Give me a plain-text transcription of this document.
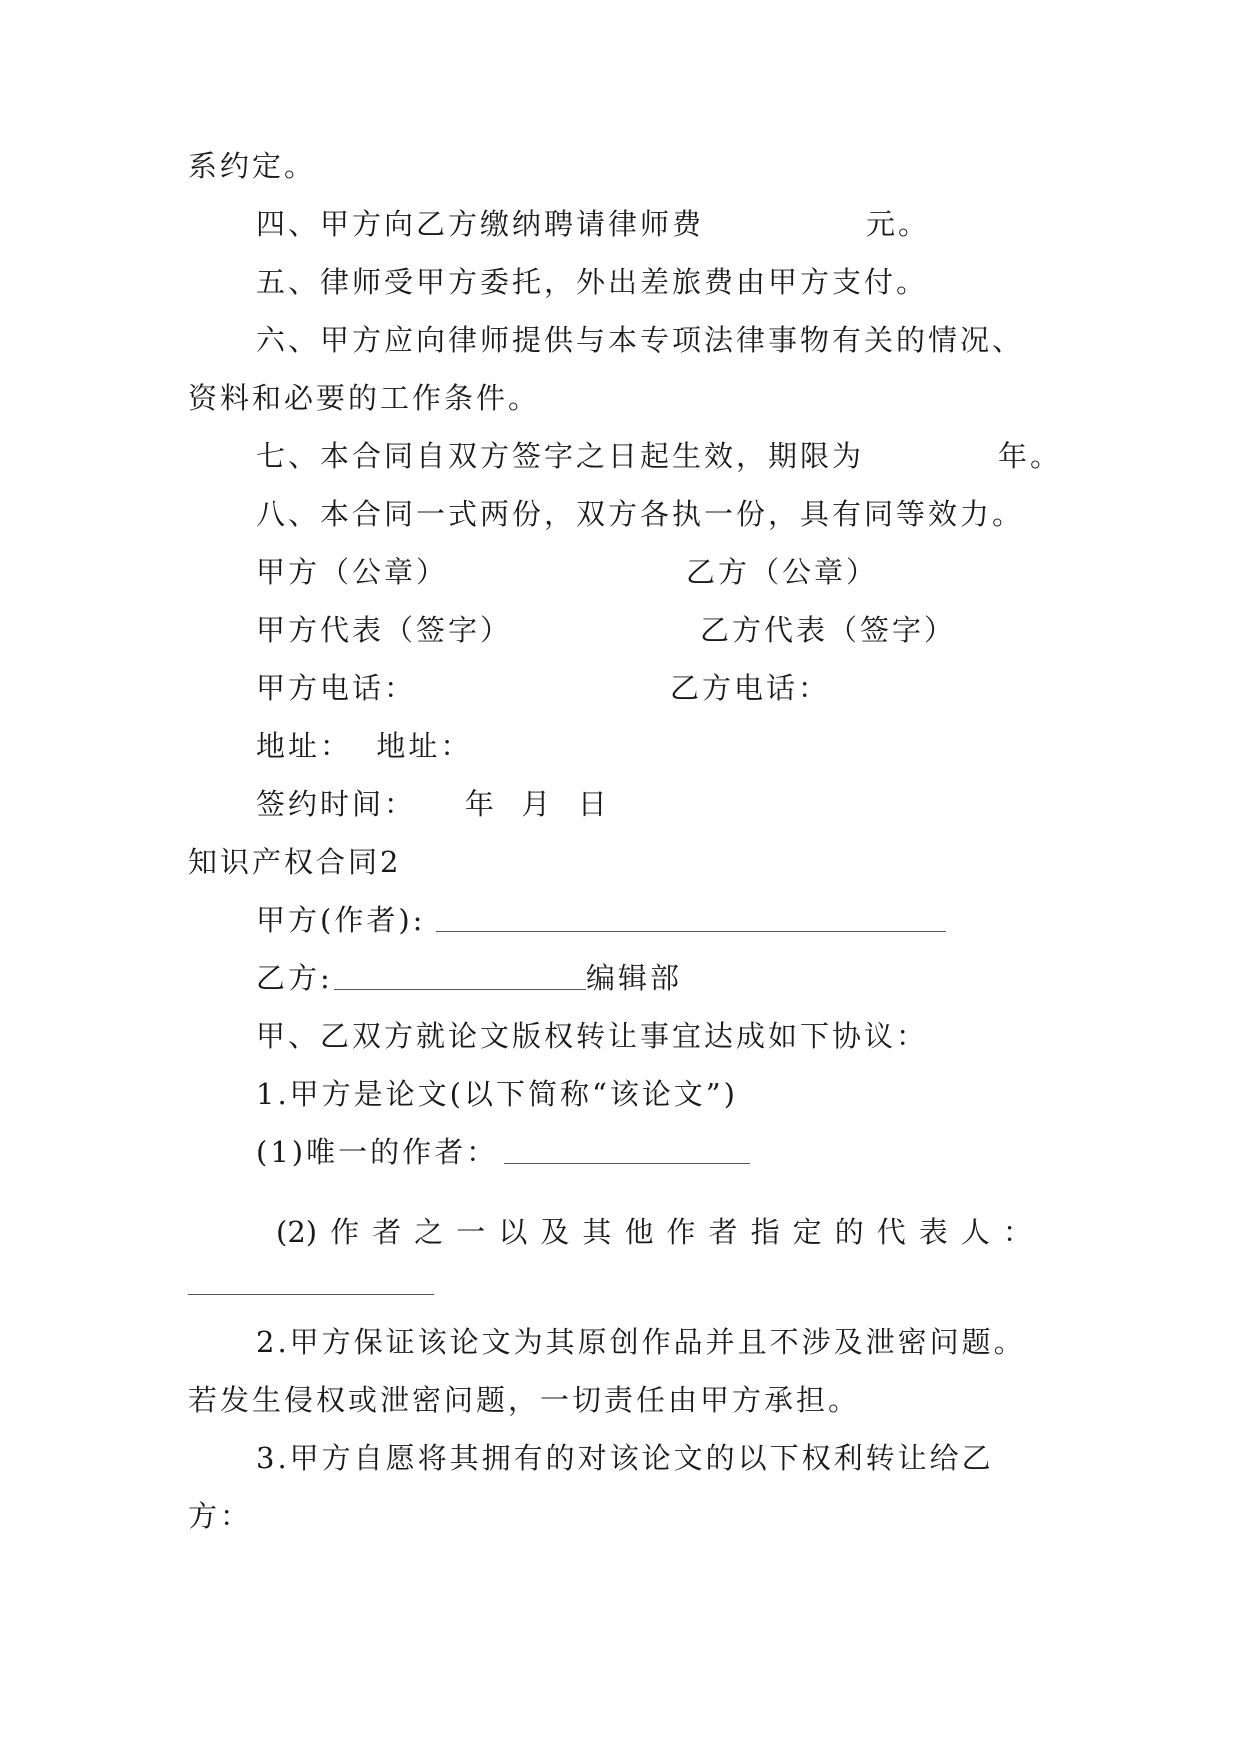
系约定。
四、甲方向乙方缴纳聘请律师费	元。
五、律师受甲方委托，外出差旅费由甲方支付。
六、甲方应向律师提供与本专项法律事物有关的情况、
资料和必要的工作条件。
七、本合同自双方签字之日起生效，期限为	年。
八、本合同一式两份，双方各执一份，具有同等效力。
甲方（公章）	乙方（公章）
甲方代表（签字）	乙方代表（签字）
甲方电话：	乙方电话：
地址：  地址：
签约时间：    年  月  日
知识产权合同2
甲方(作者):
乙方:	编辑部
甲、乙双方就论文版权转让事宜达成如下协议：
1.甲方是论文(以下简称“该论文”)
(1)唯一的作者：
(2) 作 者 之 一 以 及 其 他 作 者 指 定 的 代 表 人 ：
2.甲方保证该论文为其原创作品并且不涉及泄密问题。
若发生侵权或泄密问题，一切责任由甲方承担。
3.甲方自愿将其拥有的对该论文的以下权利转让给乙
方：
